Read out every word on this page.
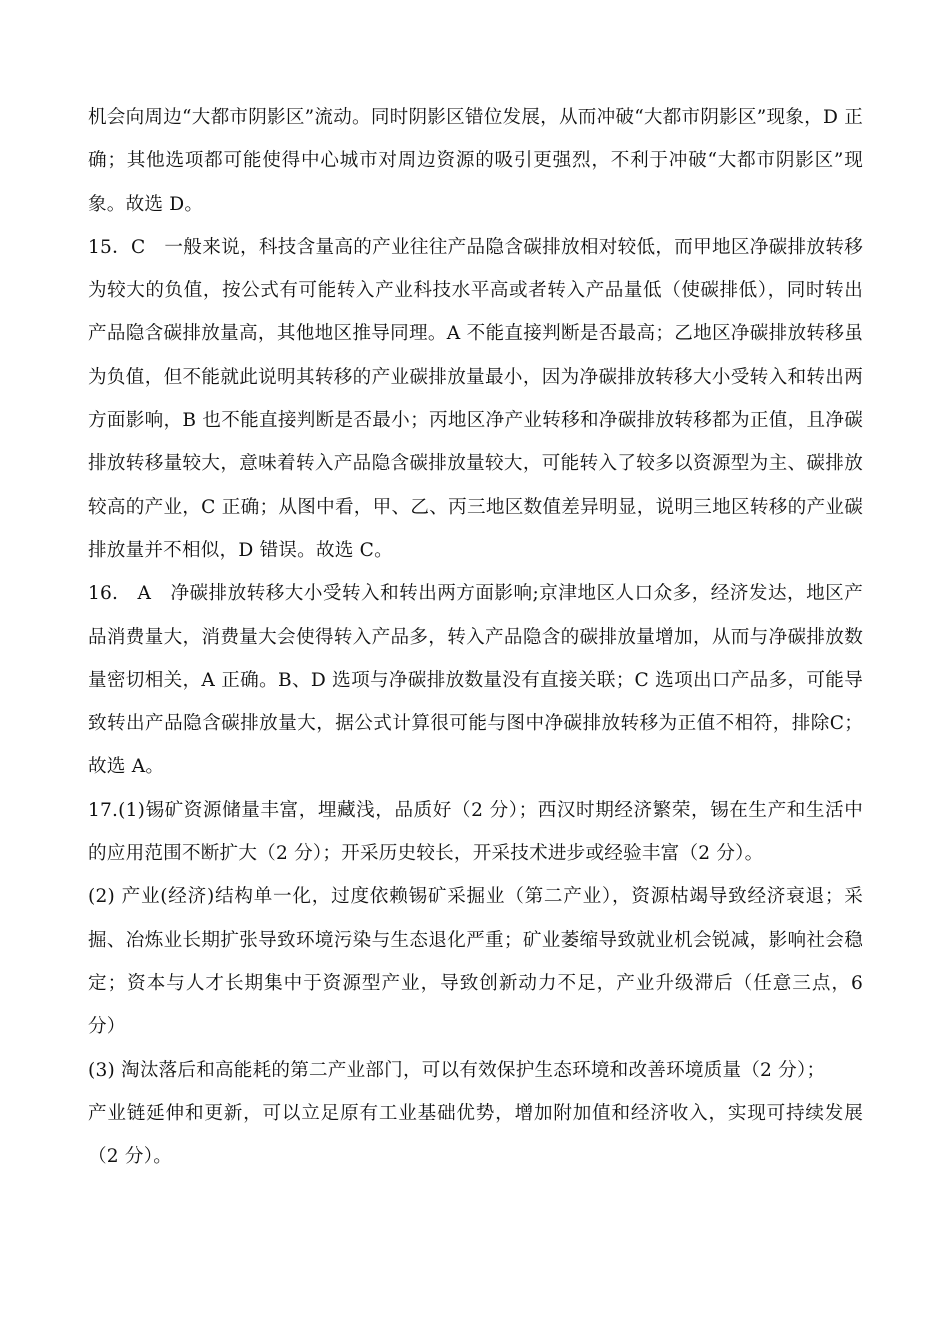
机会向周边“大都市阴影区”流动。同时阴影区错位发展，从而冲破“大都市阴影区”现象，D 正确；其他选项都可能使得中心城市对周边资源的吸引更强烈，不利于冲破“大都市阴影区”现象。故选 D。

15．C　一般来说，科技含量高的产业往往产品隐含碳排放相对较低，而甲地区净碳排放转移为较大的负值，按公式有可能转入产业科技水平高或者转入产品量低（使碳排低），同时转出产品隐含碳排放量高，其他地区推导同理。A 不能直接判断是否最高；乙地区净碳排放转移虽为负值，但不能就此说明其转移的产业碳排放量最小，因为净碳排放转移大小受转入和转出两方面影响，B 也不能直接判断是否最小；丙地区净产业转移和净碳排放转移都为正值，且净碳排放转移量较大，意味着转入产品隐含碳排放量较大，可能转入了较多以资源型为主、碳排放较高的产业，C 正确；从图中看，甲、乙、丙三地区数值差异明显，说明三地区转移的产业碳排放量并不相似，D 错误。故选 C。

16.　A　净碳排放转移大小受转入和转出两方面影响;京津地区人口众多，经济发达，地区产品消费量大，消费量大会使得转入产品多，转入产品隐含的碳排放量增加，从而与净碳排放数量密切相关，A 正确。B、D 选项与净碳排放数量没有直接关联；C 选项出口产品多，可能导致转出产品隐含碳排放量大，据公式计算很可能与图中净碳排放转移为正值不相符，排除C；故选 A。

17.(1)锡矿资源储量丰富，埋藏浅，品质好（2 分）；西汉时期经济繁荣，锡在生产和生活中的应用范围不断扩大（2 分）；开采历史较长，开采技术进步或经验丰富（2 分）。

(2) 产业(经济)结构单一化，过度依赖锡矿采掘业（第二产业），资源枯竭导致经济衰退；采掘、冶炼业长期扩张导致环境污染与生态退化严重；矿业萎缩导致就业机会锐减，影响社会稳定；资本与人才长期集中于资源型产业，导致创新动力不足，产业升级滞后（任意三点，6 分）

(3) 淘汰落后和高能耗的第二产业部门，可以有效保护生态环境和改善环境质量（2 分）；

产业链延伸和更新，可以立足原有工业基础优势，增加附加值和经济收入，实现可持续发展（2 分）。
